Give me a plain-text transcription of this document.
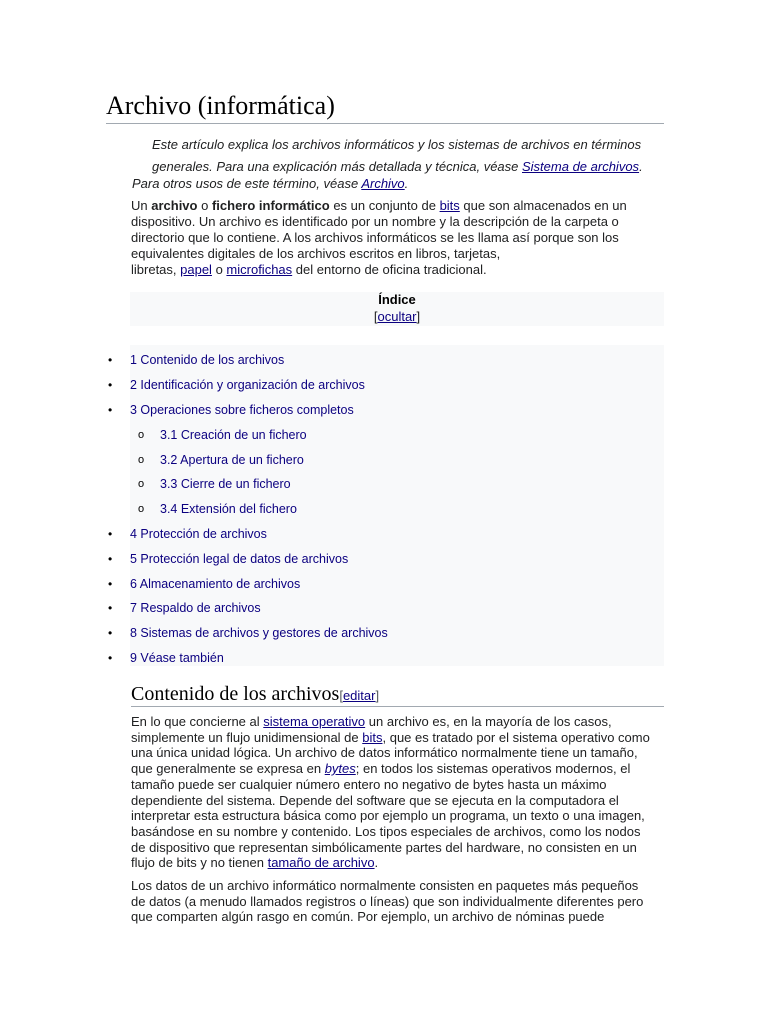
Archivo (informática)
Este artículo explica los archivos informáticos y los sistemas de archivos en términos
generales. Para una explicación más detallada y técnica, véase Sistema de archivos.
Para otros usos de este término, véase Archivo.

Un archivo o fichero informático es un conjunto de bits que son almacenados en un
dispositivo. Un archivo es identificado por un nombre y la descripción de la carpeta o
directorio que lo contiene. A los archivos informáticos se les llama así porque son los
equivalentes digitales de los archivos escritos en libros, tarjetas,
libretas, papel o microfichas del entorno de oficina tradicional.

Índice
[ocultar]
• 1 Contenido de los archivos
• 2 Identificación y organización de archivos
• 3 Operaciones sobre ficheros completos
o 3.1 Creación de un fichero
o 3.2 Apertura de un fichero
o 3.3 Cierre de un fichero
o 3.4 Extensión del fichero
• 4 Protección de archivos
• 5 Protección legal de datos de archivos
• 6 Almacenamiento de archivos
• 7 Respaldo de archivos
• 8 Sistemas de archivos y gestores de archivos
• 9 Véase también
Contenido de los archivos[editar]

En lo que concierne al sistema operativo un archivo es, en la mayoría de los casos,
simplemente un flujo unidimensional de bits, que es tratado por el sistema operativo como
una única unidad lógica. Un archivo de datos informático normalmente tiene un tamaño,
que generalmente se expresa en bytes; en todos los sistemas operativos modernos, el
tamaño puede ser cualquier número entero no negativo de bytes hasta un máximo
dependiente del sistema. Depende del software que se ejecuta en la computadora el
interpretar esta estructura básica como por ejemplo un programa, un texto o una imagen,
basándose en su nombre y contenido. Los tipos especiales de archivos, como los nodos
de dispositivo que representan simbólicamente partes del hardware, no consisten en un
flujo de bits y no tienen tamaño de archivo.

Los datos de un archivo informático normalmente consisten en paquetes más pequeños
de datos (a menudo llamados registros o líneas) que son individualmente diferentes pero
que comparten algún rasgo en común. Por ejemplo, un archivo de nóminas puede
